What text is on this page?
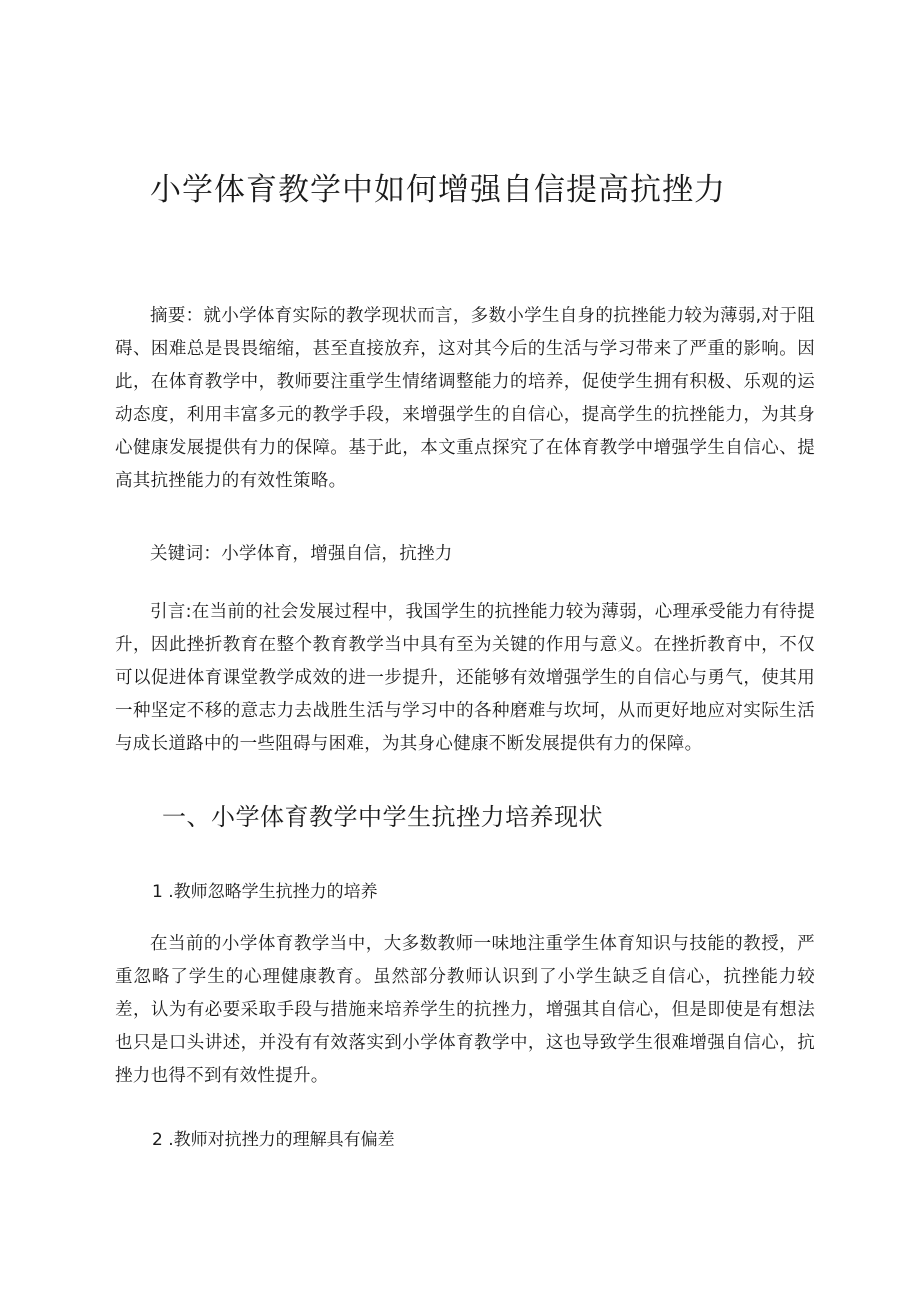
小学体育教学中如何增强自信提高抗挫力

摘要：就小学体育实际的教学现状而言，多数小学生自身的抗挫能力较为薄弱,对于阻碍、困难总是畏畏缩缩，甚至直接放弃，这对其今后的生活与学习带来了严重的影响。因此，在体育教学中，教师要注重学生情绪调整能力的培养，促使学生拥有积极、乐观的运动态度，利用丰富多元的教学手段，来增强学生的自信心，提高学生的抗挫能力，为其身心健康发展提供有力的保障。基于此，本文重点探究了在体育教学中增强学生自信心、提高其抗挫能力的有效性策略。

关键词：小学体育，增强自信，抗挫力

引言:在当前的社会发展过程中，我国学生的抗挫能力较为薄弱，心理承受能力有待提升，因此挫折教育在整个教育教学当中具有至为关键的作用与意义。在挫折教育中，不仅可以促进体育课堂教学成效的进一步提升，还能够有效增强学生的自信心与勇气，使其用一种坚定不移的意志力去战胜生活与学习中的各种磨难与坎坷，从而更好地应对实际生活与成长道路中的一些阻碍与困难，为其身心健康不断发展提供有力的保障。

一、小学体育教学中学生抗挫力培养现状

1 .教师忽略学生抗挫力的培养

在当前的小学体育教学当中，大多数教师一味地注重学生体育知识与技能的教授，严重忽略了学生的心理健康教育。虽然部分教师认识到了小学生缺乏自信心，抗挫能力较差，认为有必要采取手段与措施来培养学生的抗挫力，增强其自信心，但是即使是有想法也只是口头讲述，并没有有效落实到小学体育教学中，这也导致学生很难增强自信心，抗挫力也得不到有效性提升。

2 .教师对抗挫力的理解具有偏差
